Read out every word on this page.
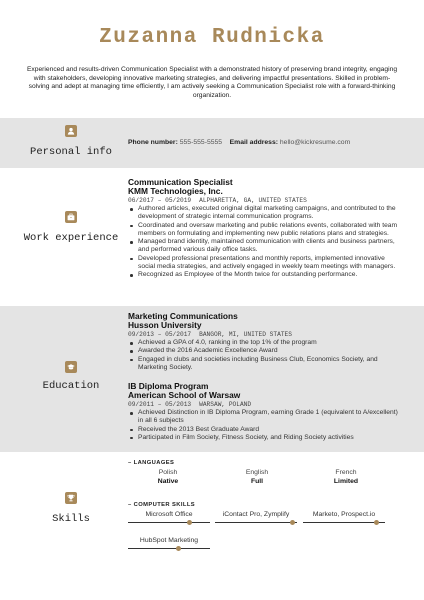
Zuzanna Rudnicka

Experienced and results-driven Communication Specialist with a demonstrated history of preserving brand integrity, engaging with stakeholders, developing innovative marketing strategies, and delivering impactful presentations. Skilled in problem-solving and adept at managing time efficiently, I am actively seeking a Communication Specialist role with a forward-thinking organization.

Personal info

Phone number: 555-555-5555 Email address: hello@kickresume.com

Work experience

Communication Specialist

KMM Technologies, Inc.

06/2017 – 05/2019 ALPHARETTA, GA, UNITED STATES

Authored articles, executed original digital marketing campaigns, and contributed to the development of strategic internal communication programs.
Coordinated and oversaw marketing and public relations events, collaborated with team members on formulating and implementing new public relations plans and strategies.
Managed brand identity, maintained communication with clients and business partners, and performed various daily office tasks.
Developed professional presentations and monthly reports, implemented innovative social media strategies, and actively engaged in weekly team meetings with managers.
Recognized as Employee of the Month twice for outstanding performance.

Education

Marketing Communications

Husson University

09/2013 – 05/2017 BANGOR, MI, UNITED STATES

Achieved a GPA of 4.0, ranking in the top 1% of the program
Awarded the 2016 Academic Excellence Award
Engaged in clubs and societies including Business Club, Economics Society, and Marketing Society.

IB Diploma Program

American School of Warsaw

09/2011 – 05/2013 WARSAW, POLAND

Achieved Distinction in IB Diploma Program, earning Grade 1 (equivalent to A/excellent) in all 6 subjects
Received the 2013 Best Graduate Award
Participated in Film Society, Fitness Society, and Riding Society activities

Skills

– LANGUAGES
Polish
Native
English
Full
French
Limited
– COMPUTER SKILLS
Microsoft Office	iContact Pro, Zymplify	Marketo, Prospect.io
HubSpot Marketing
